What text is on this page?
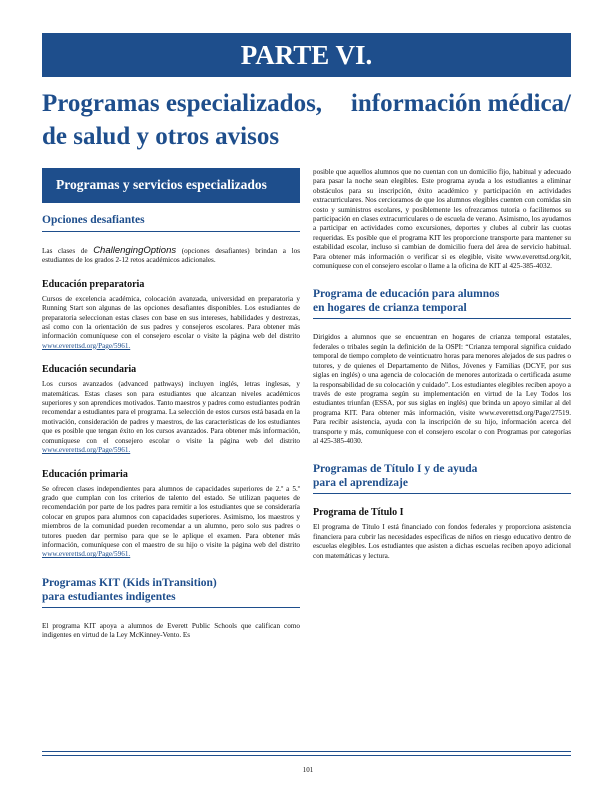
PARTE VI.
Programas especializados, información médica/
de salud y otros avisos
Programas y servicios especializados
Opciones desafiantes

Las clases de ChallengingOptions (opciones desafiantes) brindan a los estudiantes de los grados 2-12 retos académicos adicionales.

Educación preparatoria

Cursos de excelencia académica, colocación avanzada, universidad en preparatoria y Running Start son algunas de las opciones desafiantes disponibles. Los estudiantes de preparatoria seleccionan estas clases con base en sus intereses, habilidades y destrezas, así como con la orientación de sus padres y consejeros escolares. Para obtener más información comuníquese con el consejero escolar o visite la página web del distrito www.everettsd.org/Page/5961.

Educación secundaria

Los cursos avanzados (advanced pathways) incluyen inglés, letras inglesas, y matemáticas. Estas clases son para estudiantes que alcanzan niveles académicos superiores y son aprendices motivados. Tanto maestros y padres como estudiantes podrán recomendar a estudiantes para el programa. La selección de estos cursos está basada en la motivación, consideración de padres y maestros, de las características de los estudiantes que es posible que tengan éxito en los cursos avanzados. Para obtener más información, comuníquese con el consejero escolar o visite la página web del distrito www.everettsd.org/Page/5961.

Educación primaria

Se ofrecen clases independientes para alumnos de capacidades superiores de 2.º a 5.º grado que cumplan con los criterios de talento del estado. Se utilizan paquetes de recomendación por parte de los padres para remitir a los estudiantes que se consideraría colocar en grupos para alumnos con capacidades superiores. Asimismo, los maestros y miembros de la comunidad pueden recomendar a un alumno, pero solo sus padres o tutores pueden dar permiso para que se le aplique el examen. Para obtener más información, comuníquese con el maestro de su hijo o visite la página web del distrito www.everettsd.org/Page/5961.

Programas KIT (Kids inTransition)
para estudiantes indigentes

El programa KIT apoya a alumnos de Everett Public Schools que califican como indigentes en virtud de la Ley McKinney-Vento. Es

posible que aquellos alumnos que no cuentan con un domicilio fijo, habitual y adecuado para pasar la noche sean elegibles. Este programa ayuda a los estudiantes a eliminar obstáculos para su inscripción, éxito académico y participación en actividades extracurriculares. Nos cercioramos de que los alumnos elegibles cuenten con comidas sin costo y suministros escolares, y posiblemente les ofrezcamos tutoría o facilitemos su participación en clases extracurriculares o de escuela de verano. Asimismo, los ayudamos a participar en actividades como excursiones, deportes y clubes al cubrir las cuotas requeridas. Es posible que el programa KIT les proporcione transporte para mantener su estabilidad escolar, incluso si cambian de domicilio fuera del área de servicio habitual. Para obtener más información o verificar si es elegible, visite www.everettsd.org/kit, comuníquese con el consejero escolar o llame a la oficina de KIT al 425-385-4032.

Programa de educación para alumnos
en hogares de crianza temporal

Dirigidos a alumnos que se encuentran en hogares de crianza temporal estatales, federales o tribales según la definición de la OSPI: “Crianza temporal significa cuidado temporal de tiempo completo de veinticuatro horas para menores alejados de sus padres o tutores, y de quienes el Departamento de Niños, Jóvenes y Familias (DCYF, por sus siglas en inglés) o una agencia de colocación de menores autorizada o certificada asume la responsabilidad de su colocación y cuidado”. Los estudiantes elegibles reciben apoyo a través de este programa según su implementación en virtud de la Ley Todos los estudiantes triunfan (ESSA, por sus siglas en inglés) que brinda un apoyo similar al del programa KIT. Para obtener más información, visite www.everettsd.org/Page/27519. Para recibir asistencia, ayuda con la inscripción de su hijo, información acerca del transporte y más, comuníquese con el consejero escolar o con Programas por categorías al 425-385-4030.

Programas de Título I y de ayuda
para el aprendizaje
Programa de Título I

El programa de Título I está financiado con fondos federales y proporciona asistencia financiera para cubrir las necesidades específicas de niños en riesgo educativo dentro de escuelas elegibles. Los estudiantes que asisten a dichas escuelas reciben apoyo adicional con matemáticas y lectura.

101
